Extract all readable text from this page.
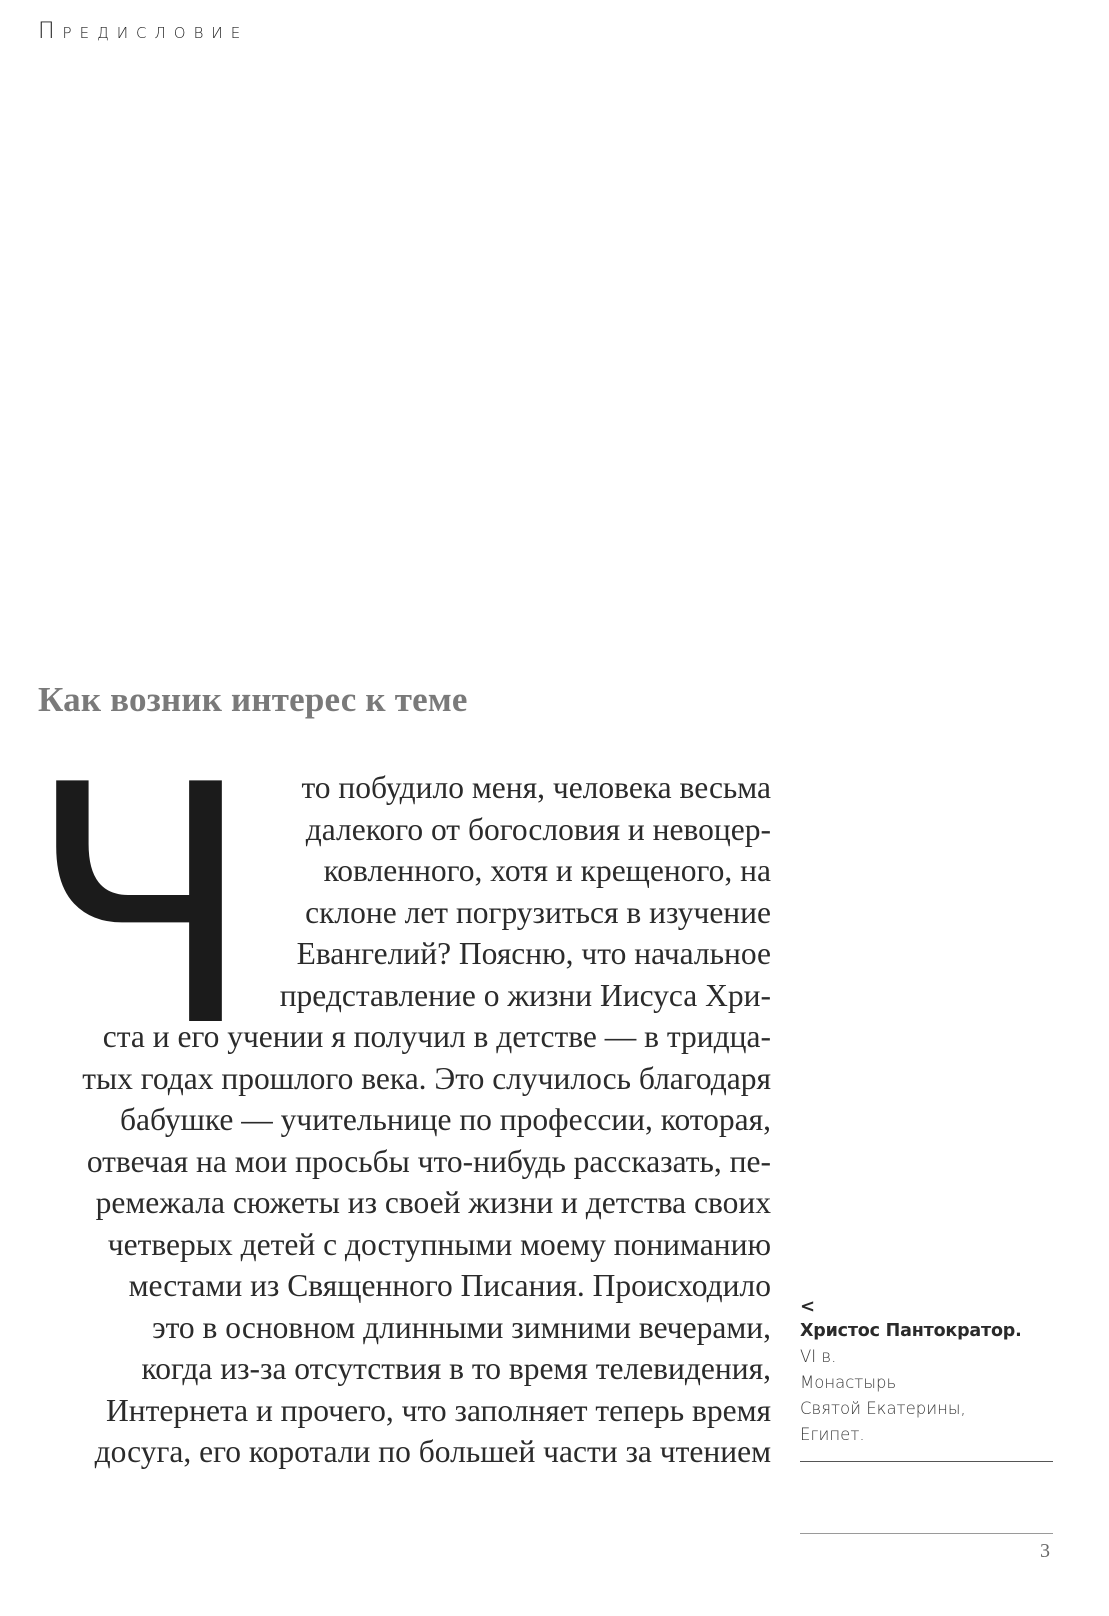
Предисловие
Как возник интерес к теме
Ч то побудило меня, человека весьма
далекого от богословия и невоцер-
ковленного, хотя и крещеного, на
склоне лет погрузиться в изучение
Евангелий? Поясню, что начальное
представление о жизни Иисуса Хри-
ста и его учении я получил в детстве — в тридца-
тых годах прошлого века. Это случилось благодаря
бабушке — учительнице по профессии, которая,
отвечая на мои просьбы что-нибудь рассказать, пе-
ремежала сюжеты из своей жизни и детства своих
четверых детей с доступными моему пониманию
местами из Священного Писания. Происходило
это в основном длинными зимними вечерами,
когда из-за отсутствия в то время телевидения,
Интернета и прочего, что заполняет теперь время
досуга, его коротали по большей части за чтением
<
Христос Пантократор.
VI в.
Монастырь
Святой Екатерины,
Египет.
3
